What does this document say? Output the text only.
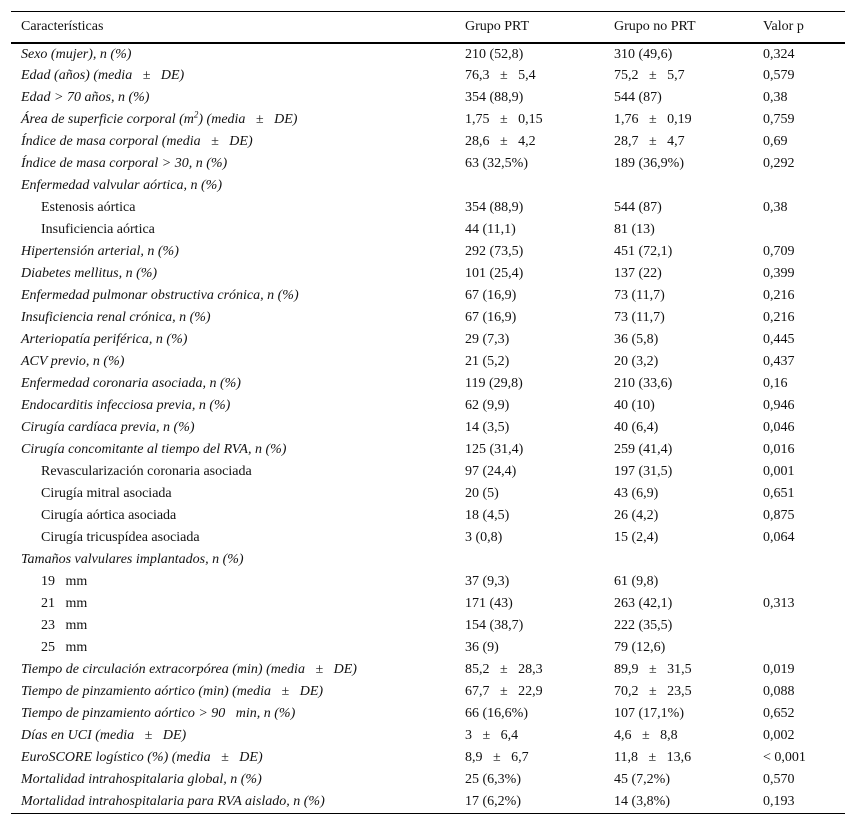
Características	Grupo PRT	Grupo no PRT	Valor p
Sexo (mujer), n (%)	210 (52,8)	310 (49,6)	0,324
Edad (años) (media   ±   DE)	76,3   ±   5,4	75,2   ±   5,7	0,579
Edad > 70 años, n (%)	354 (88,9)	544 (87)	0,38
Área de superficie corporal $(m^2)$ (media   ±   DE)	1,75   ±   0,15	1,76   ±   0,19	0,759
Índice de masa corporal (media   ±   DE)	28,6   ±   4,2	28,7   ±   4,7	0,69
Índice de masa corporal > 30, n (%)	63 (32,5%)	189 (36,9%)	0,292
Enfermedad valvular aórtica, n (%)			
Estenosis aórtica	354 (88,9)	544 (87)	0,38
Insuficiencia aórtica	44 (11,1)	81 (13)	
Hipertensión arterial, n (%)	292 (73,5)	451 (72,1)	0,709
Diabetes mellitus, n (%)	101 (25,4)	137 (22)	0,399
Enfermedad pulmonar obstructiva crónica, n (%)	67 (16,9)	73 (11,7)	0,216
Insuficiencia renal crónica, n (%)	67 (16,9)	73 (11,7)	0,216
Arteriopatía periférica, n (%)	29 (7,3)	36 (5,8)	0,445
ACV previo, n (%)	21 (5,2)	20 (3,2)	0,437
Enfermedad coronaria asociada, n (%)	119 (29,8)	210 (33,6)	0,16
Endocarditis infecciosa previa, n (%)	62 (9,9)	40 (10)	0,946
Cirugía cardíaca previa, n (%)	14 (3,5)	40 (6,4)	0,046
Cirugía concomitante al tiempo del RVA, n (%)	125 (31,4)	259 (41,4)	0,016
Revascularización coronaria asociada	97 (24,4)	197 (31,5)	0,001
Cirugía mitral asociada	20 (5)	43 (6,9)	0,651
Cirugía aórtica asociada	18 (4,5)	26 (4,2)	0,875
Cirugía tricuspídea asociada	3 (0,8)	15 (2,4)	0,064
Tamaños valvulares implantados, n (%)			
19   mm	37 (9,3)	61 (9,8)	
21   mm	171 (43)	263 (42,1)	0,313
23   mm	154 (38,7)	222 (35,5)	
25   mm	36 (9)	79 (12,6)	
Tiempo de circulación extracorpórea (min) (media   ±   DE)	85,2   ±   28,3	89,9   ±   31,5	0,019
Tiempo de pinzamiento aórtico (min) (media   ±   DE)	67,7   ±   22,9	70,2   ±   23,5	0,088
Tiempo de pinzamiento aórtico > 90   min, n (%)	66 (16,6%)	107 (17,1%)	0,652
Días en UCI (media   ±   DE)	3   ±   6,4	4,6   ±   8,8	0,002
EuroSCORE logístico (%) (media   ±   DE)	8,9   ±   6,7	11,8   ±   13,6	< 0,001
Mortalidad intrahospitalaria global, n (%)	25 (6,3%)	45 (7,2%)	0,570
Mortalidad intrahospitalaria para RVA aislado, n (%)	17 (6,2%)	14 (3,8%)	0,193
